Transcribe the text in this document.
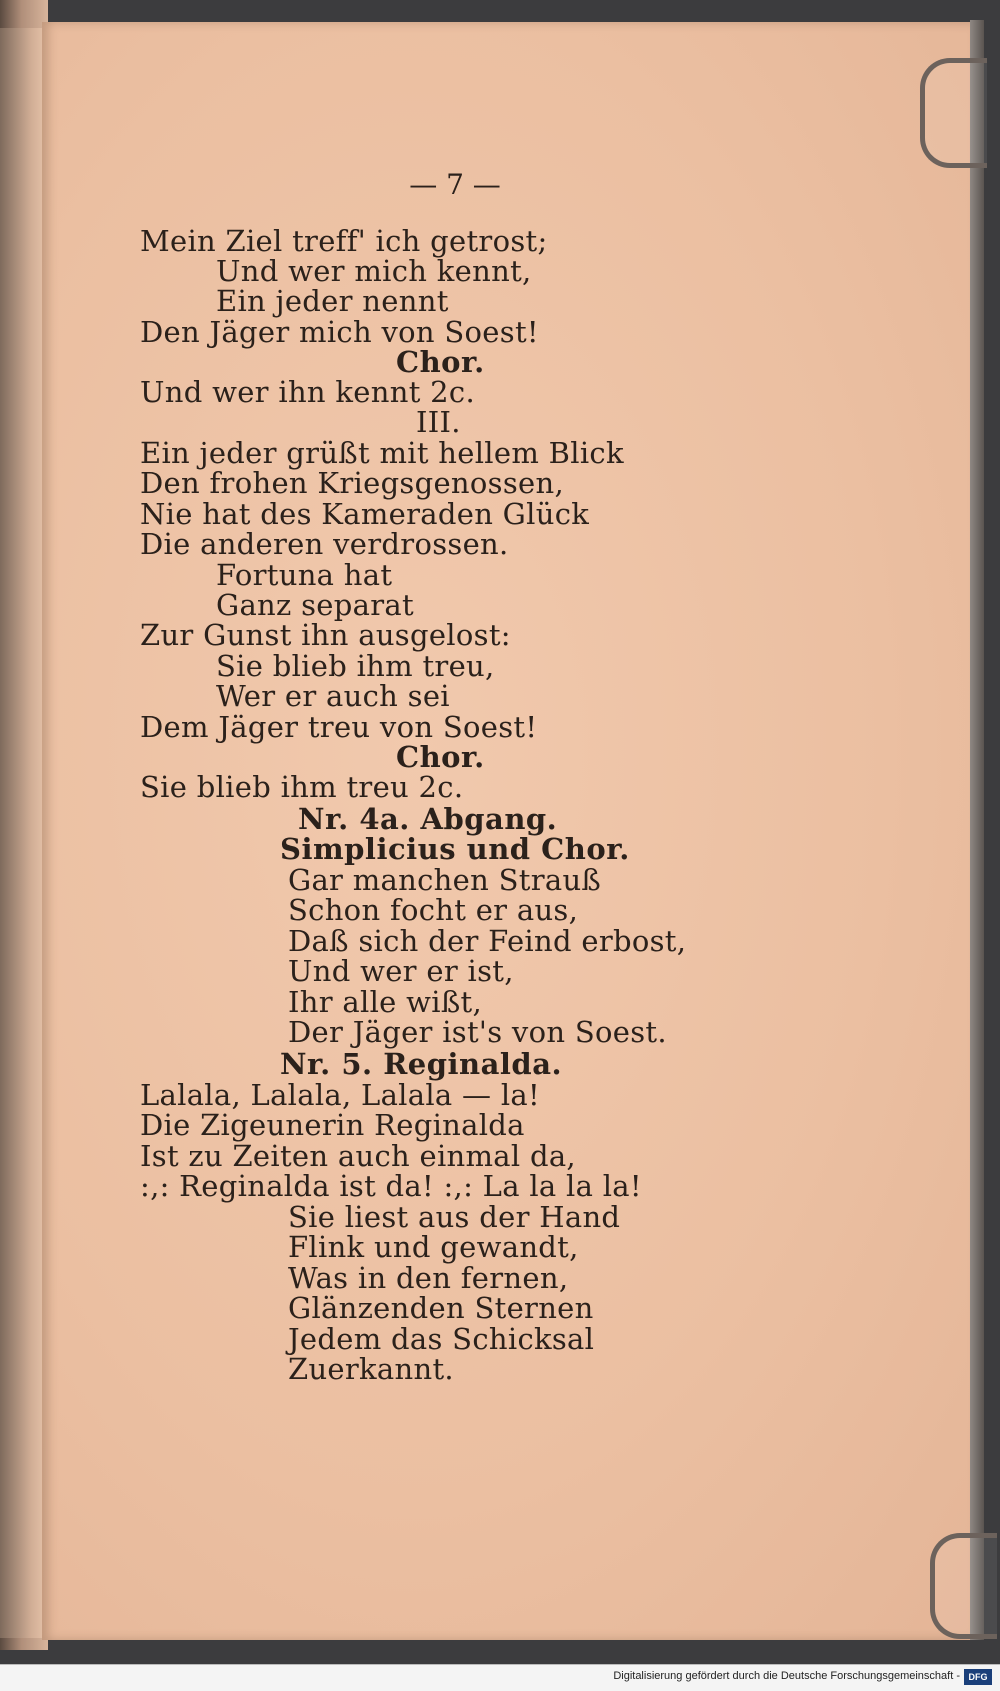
— 7 —
Mein Ziel treff' ich getrost;
Und wer mich kennt,
Ein jeder nennt
Den Jäger mich von Soest!
Chor.
Und wer ihn kennt 2c.
III.
Ein jeder grüßt mit hellem Blick
Den frohen Kriegsgenossen,
Nie hat des Kameraden Glück
Die anderen verdrossen.
Fortuna hat
Ganz separat
Zur Gunst ihn ausgelost:
Sie blieb ihm treu,
Wer er auch sei
Dem Jäger treu von Soest!
Chor.
Sie blieb ihm treu 2c.
Nr. 4a. Abgang.
Simplicius und Chor.
Gar manchen Strauß
Schon focht er aus,
Daß sich der Feind erbost,
Und wer er ist,
Ihr alle wißt,
Der Jäger ist's von Soest.
Nr. 5. Reginalda.
Lalala, Lalala, Lalala — la!
Die Zigeunerin Reginalda
Ist zu Zeiten auch einmal da,
:,: Reginalda ist da! :,: La la la la!
Sie liest aus der Hand
Flink und gewandt,
Was in den fernen,
Glänzenden Sternen
Jedem das Schicksal
Zuerkannt.
Digitalisierung gefördert durch die Deutsche Forschungsgemeinschaft - DFG
